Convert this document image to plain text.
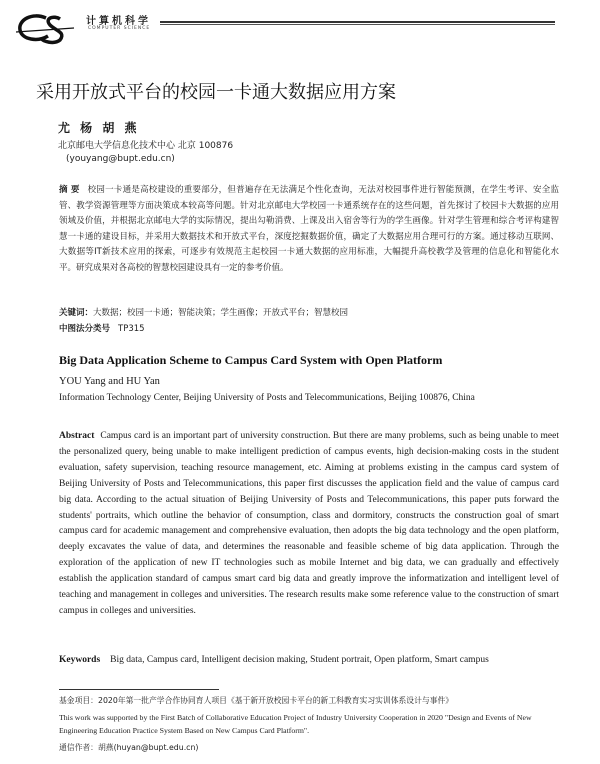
计算机科学
COMPUTER SCIENCE
采用开放式平台的校园一卡通大数据应用方案
尤 杨 胡 燕
北京邮电大学信息化技术中心 北京 100876
(youyang@bupt.edu.cn)
摘 要 校园一卡通是高校建设的重要部分，但普遍存在无法满足个性化查询，无法对校园事件进行智能预测，在学生考评、安全监管、教学资源管理等方面决策成本较高等问题。针对北京邮电大学校园一卡通系统存在的这些问题，首先探讨了校园卡大数据的应用领域及价值，并根据北京邮电大学的实际情况，提出勾勒消费、上课及出入宿舍等行为的学生画像。针对学生管理和综合考评构建智慧一卡通的建设目标，并采用大数据技术和开放式平台，深度挖掘数据价值，确定了大数据应用合理可行的方案。通过移动互联网、大数据等IT新技术应用的探索，可逐步有效规范主起校园一卡通大数据的应用标准，大幅提升高校教学及管理的信息化和智能化水平。研究成果对各高校的智慧校园建设具有一定的参考价值。
关键词：大数据；校园一卡通；智能决策；学生画像；开放式平台；智慧校园
中图法分类号 TP315
Big Data Application Scheme to Campus Card System with Open Platform
YOU Yang and HU Yan
Information Technology Center, Beijing University of Posts and Telecommunications, Beijing 100876, China
Abstract Campus card is an important part of university construction. But there are many problems, such as being unable to meet the personalized query, being unable to make intelligent prediction of campus events, high decision-making costs in the student evaluation, safety supervision, teaching resource management, etc. Aiming at problems existing in the campus card system of Beijing University of Posts and Telecommunications, this paper first discusses the application field and the value of campus card big data. According to the actual situation of Beijing University of Posts and Telecommunications, this paper puts forward the students' portraits, which outline the behavior of consumption, class and dormitory, constructs the construction goal of smart campus card for academic management and comprehensive evaluation, then adopts the big data technology and the open platform, deeply excavates the value of data, and determines the reasonable and feasible scheme of big data application. Through the exploration of the application of new IT technologies such as mobile Internet and big data, we can gradually and effectively establish the application standard of campus smart card big data and greatly improve the informatization and intelligent level of teaching and management in colleges and universities. The research results make some reference value to the construction of smart campus in colleges and universities.
Keywords Big data, Campus card, Intelligent decision making, Student portrait, Open platform, Smart campus
基金项目：2020年第一批产学合作协同育人项目《基于新开放校园卡平台的新工科教育实习实训体系设计与事件》
This work was supported by the First Batch of Collaborative Education Project of Industry University Cooperation in 2020 "Design and Events of New Engineering Education Practice System Based on New Campus Card Platform".
通信作者：胡燕(huyan@bupt.edu.cn)
